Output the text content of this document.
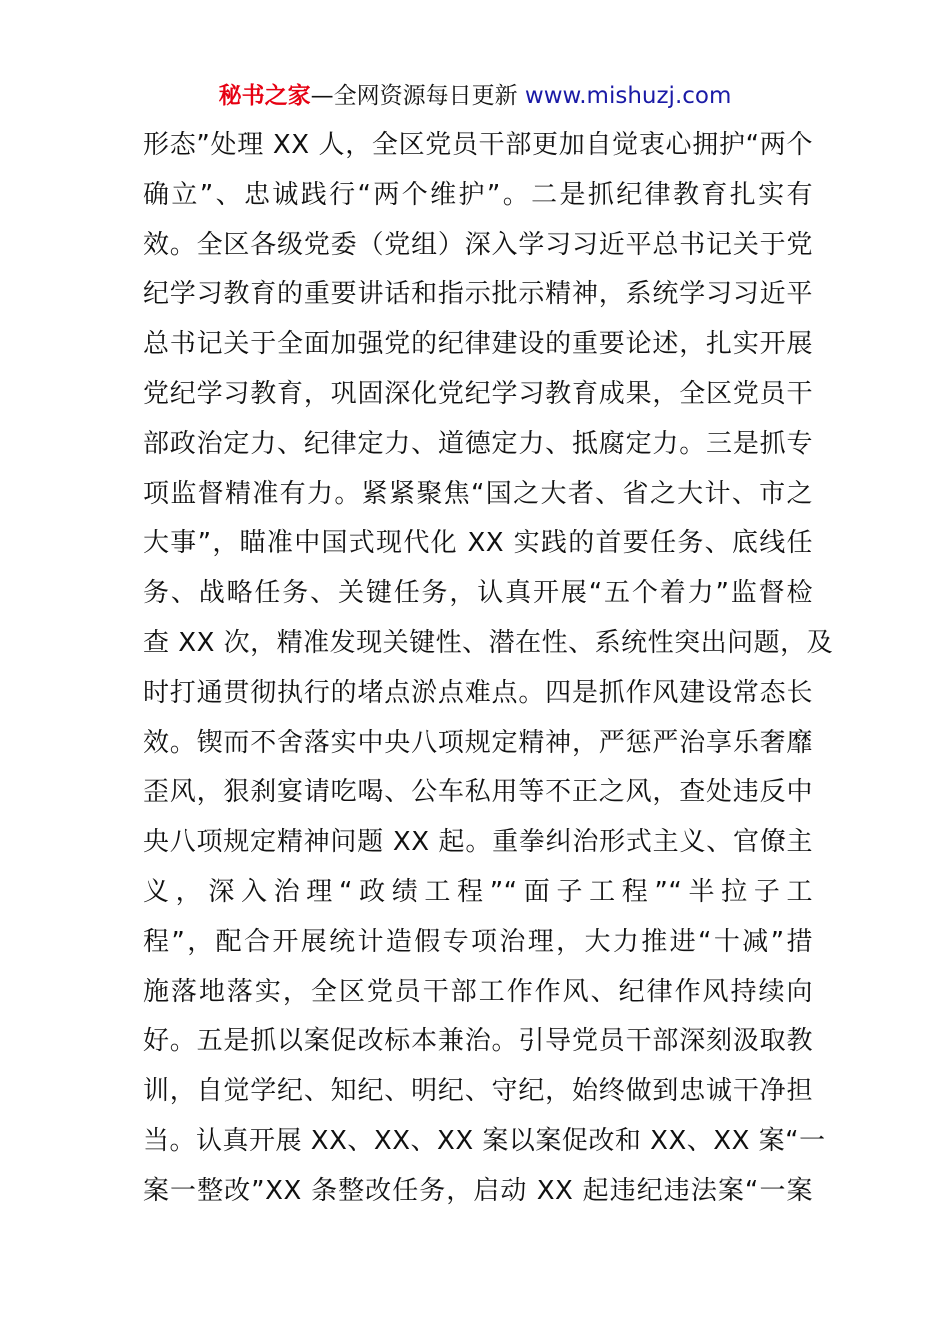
秘书之家—全网资源每日更新 www.mishuzj.com
形态”处理 XX 人，全区党员干部更加自觉衷心拥护“两个
确立”、忠诚践行“两个维护”。二是抓纪律教育扎实有
效。全区各级党委（党组）深入学习习近平总书记关于党
纪学习教育的重要讲话和指示批示精神，系统学习习近平
总书记关于全面加强党的纪律建设的重要论述，扎实开展
党纪学习教育，巩固深化党纪学习教育成果，全区党员干
部政治定力、纪律定力、道德定力、抵腐定力。三是抓专
项监督精准有力。紧紧聚焦“国之大者、省之大计、市之
大事”，瞄准中国式现代化 XX 实践的首要任务、底线任
务、战略任务、关键任务，认真开展“五个着力”监督检
查 XX 次，精准发现关键性、潜在性、系统性突出问题，及
时打通贯彻执行的堵点淤点难点。四是抓作风建设常态长
效。锲而不舍落实中央八项规定精神，严惩严治享乐奢靡
歪风，狠刹宴请吃喝、公车私用等不正之风，查处违反中
央八项规定精神问题 XX 起。重拳纠治形式主义、官僚主
义，深入治理“政绩工程”“面子工程”“半拉子工
程”，配合开展统计造假专项治理，大力推进“十减”措
施落地落实，全区党员干部工作作风、纪律作风持续向
好。五是抓以案促改标本兼治。引导党员干部深刻汲取教
训，自觉学纪、知纪、明纪、守纪，始终做到忠诚干净担
当。认真开展 XX、XX、XX 案以案促改和 XX、XX 案“一
案一整改”XX 条整改任务，启动 XX 起违纪违法案“一案
